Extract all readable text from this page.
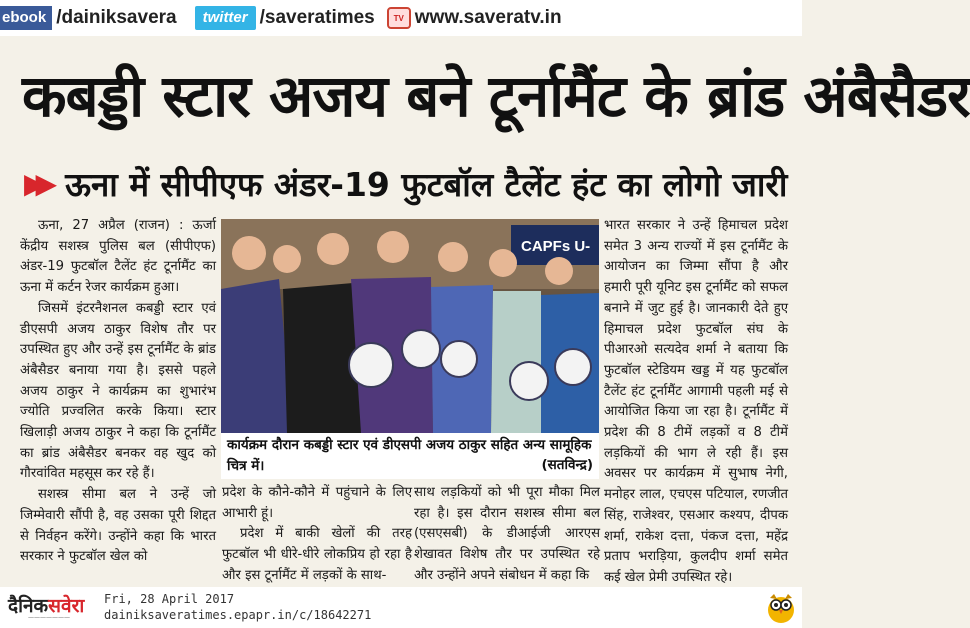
ebook /dainiksavera	twitter /saveratimes	TV www.saveratv.in
कबड्डी स्टार अजय बने टूर्नामैंट के ब्रांड अंबैसैडर
▶▶ ऊना में सीपीएफ अंडर-19 फुटबॉल टैलेंट हंट का लोगो जारी

ऊना, 27 अप्रैल (राजन) : ऊर्जा केंद्रीय सशस्त्र पुलिस बल (सीपीएफ) अंडर-19 फुटबॉल टैलेंट हंट टूर्नामैंट का ऊना में कर्टन रेजर कार्यक्रम हुआ।

जिसमें इंटरनैशनल कबड्डी स्टार एवं डीएसपी अजय ठाकुर विशेष तौर पर उपस्थित हुए और उन्हें इस टूर्नामैंट के ब्रांड अंबैसैडर बनाया गया है। इससे पहले अजय ठाकुर ने कार्यक्रम का शुभारंभ ज्योति प्रज्वलित करके किया। स्टार खिलाड़ी अजय ठाकुर ने कहा कि टूर्नामैंट का ब्रांड अंबैसैडर बनकर वह खुद को गौरवांवित महसूस कर रहे हैं।

सशस्त्र सीमा बल ने उन्हें जो जिम्मेवारी सौंपी है, वह उसका पूरी शिद्दत से निर्वहन करेंगे। उन्होंने कहा कि भारत सरकार ने फुटबॉल खेल को

CAPFs U-
कार्यक्रम दौरान कबड्डी स्टार एवं डीएसपी अजय ठाकुर सहित अन्य सामूहिक चित्र में।	(सतविन्द्र)

प्रदेश के कौने-कौने में पहुंचाने के लिए आभारी हूं।

प्रदेश में बाकी खेलों की तरह फुटबॉल भी धीरे-धीरे लोकप्रिय हो रहा है और इस टूर्नामैंट में लड़कों के साथ-

साथ लड़कियों को भी पूरा मौका मिल रहा है। इस दौरान सशस्त्र सीमा बल (एसएसबी) के डीआईजी आरएस शेखावत विशेष तौर पर उपस्थित रहे और उन्होंने अपने संबोधन में कहा कि

भारत सरकार ने उन्हें हिमाचल प्रदेश समेत 3 अन्य राज्यों में इस टूर्नामैंट के आयोजन का जिम्मा सौंपा है और हमारी पूरी यूनिट इस टूर्नामैंट को सफल बनाने में जुट हुई है। जानकारी देते हुए हिमाचल प्रदेश फुटबॉल संघ के पीआरओ सत्यदेव शर्मा ने बताया कि फुटबॉल स्टेडियम खड्ड में यह फुटबॉल टैलेंट हंट टूर्नामैंट आगामी पहली मई से आयोजित किया जा रहा है। टूर्नामैंट में प्रदेश की 8 टीमें लड़कों व 8 टीमें लड़कियों की भाग ले रही हैं। इस अवसर पर कार्यक्रम में सुभाष नेगी, मनोहर लाल, एचएस पटियाल, रणजीत सिंह, राजेश्वर, एसआर कश्यप, दीपक शर्मा, राकेश दत्ता, पंकज दत्ता, महेंद्र प्रताप भराड़िया, कुलदीप शर्मा समेत कई खेल प्रेमी उपस्थित रहे।

दैनिकसवेरा
———————
Fri, 28 April 2017
dainiksaveratimes.epapr.in/c/18642271
